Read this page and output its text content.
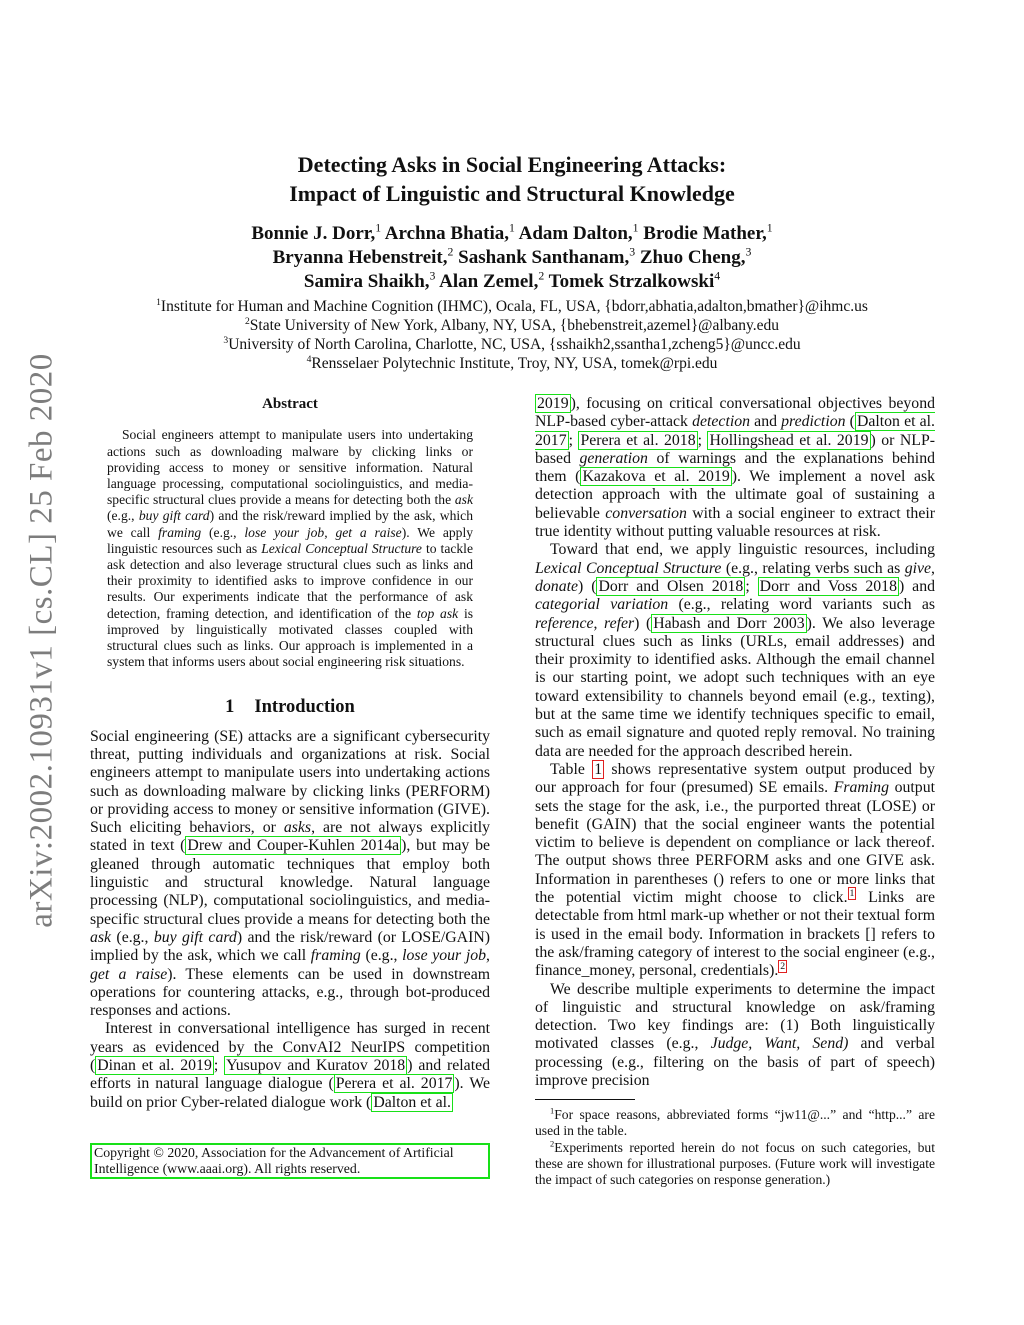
arXiv:2002.10931v1 [cs.CL] 25 Feb 2020
Detecting Asks in Social Engineering Attacks:
Impact of Linguistic and Structural Knowledge
Bonnie J. Dorr,$^1$ Archna Bhatia,$^1$ Adam Dalton,$^1$ Brodie Mather,$^1$
Bryanna Hebenstreit,$^2$ Sashank Santhanam,$^3$ Zhuo Cheng,$^3$
Samira Shaikh,$^3$ Alan Zemel,$^2$ Tomek Strzalkowski$^4$
$^1$Institute for Human and Machine Cognition (IHMC), Ocala, FL, USA, {bdorr,abhatia,adalton,bmather}@ihmc.us
$^2$State University of New York, Albany, NY, USA, {bhebenstreit,azemel}@albany.edu
$^3$University of North Carolina, Charlotte, NC, USA, {sshaikh2,ssantha1,zcheng5}@uncc.edu
$^4$Rensselaer Polytechnic Institute, Troy, NY, USA, tomek@rpi.edu
Abstract

Social engineers attempt to manipulate users into undertaking actions such as downloading malware by clicking links or providing access to money or sensitive information. Natural language processing, computational sociolinguistics, and media-specific structural clues provide a means for detecting both the ask (e.g., buy gift card) and the risk/reward implied by the ask, which we call framing (e.g., lose your job, get a raise). We apply linguistic resources such as Lexical Conceptual Structure to tackle ask detection and also leverage structural clues such as links and their proximity to identified asks to improve confidence in our results. Our experiments indicate that the performance of ask detection, framing detection, and identification of the top ask is improved by linguistically motivated classes coupled with structural clues such as links. Our approach is implemented in a system that informs users about social engineering risk situations.

1 Introduction

Social engineering (SE) attacks are a significant cybersecurity threat, putting individuals and organizations at risk. Social engineers attempt to manipulate users into undertaking actions such as downloading malware by clicking links (PERFORM) or providing access to money or sensitive information (GIVE). Such eliciting behaviors, or asks, are not always explicitly stated in text ( Drew and Couper-Kuhlen 2014a ), but may be gleaned through automatic techniques that employ both linguistic and structural knowledge. Natural language processing (NLP), computational sociolinguistics, and media-specific structural clues provide a means for detecting both the ask (e.g., buy gift card) and the risk/reward (or LOSE/GAIN) implied by the ask, which we call framing (e.g., lose your job, get a raise). These elements can be used in downstream operations for countering attacks, e.g., through bot-produced responses and actions.

Interest in conversational intelligence has surged in recent years as evidenced by the ConvAI2 NeurIPS competition ( Dinan et al. 2019 ; Yusupov and Kuratov 2018 ) and related efforts in natural language dialogue ( Perera et al. 2017 ). We build on prior Cyber-related dialogue work ( Dalton et al.

Copyright © 2020, Association for the Advancement of Artificial Intelligence (www.aaai.org). All rights reserved.

2019 ), focusing on critical conversational objectives beyond NLP-based cyber-attack detection and prediction ( Dalton et al. 2017 ; Perera et al. 2018 ; Hollingshead et al. 2019 ) or NLP-based generation of warnings and the explanations behind them ( Kazakova et al. 2019 ). We implement a novel ask detection approach with the ultimate goal of sustaining a believable conversation with a social engineer to extract their true identity without putting valuable resources at risk.

Toward that end, we apply linguistic resources, including Lexical Conceptual Structure (e.g., relating verbs such as give, donate) ( Dorr and Olsen 2018 ; Dorr and Voss 2018 ) and categorial variation (e.g., relating word variants such as reference, refer) ( Habash and Dorr 2003 ). We also leverage structural clues such as links (URLs, email addresses) and their proximity to identified asks. Although the email channel is our starting point, we adopt such techniques with an eye toward extensibility to channels beyond email (e.g., texting), but at the same time we identify techniques specific to email, such as email signature and quoted reply removal. No training data are needed for the approach described herein.

Table 1 shows representative system output produced by our approach for four (presumed) SE emails. Framing output sets the stage for the ask, i.e., the purported threat (LOSE) or benefit (GAIN) that the social engineer wants the potential victim to believe is dependent on compliance or lack thereof. The output shows three PERFORM asks and one GIVE ask. Information in parentheses () refers to one or more links that the potential victim might choose to click. $^1$ Links are detectable from html mark-up whether or not their textual form is used in the email body. Information in brackets [] refers to the ask/framing category of interest to the social engineer (e.g., finance_money, personal, credentials). $^2$

We describe multiple experiments to determine the impact of linguistic and structural knowledge on ask/framing detection. Two key findings are: (1) Both linguistically motivated classes (e.g., Judge, Want, Send) and verbal processing (e.g., filtering on the basis of part of speech) improve precision

$^1$For space reasons, abbreviated forms “jw11@...” and “http...” are used in the table.
$^2$Experiments reported herein do not focus on such categories, but these are shown for illustrational purposes. (Future work will investigate the impact of such categories on response generation.)
